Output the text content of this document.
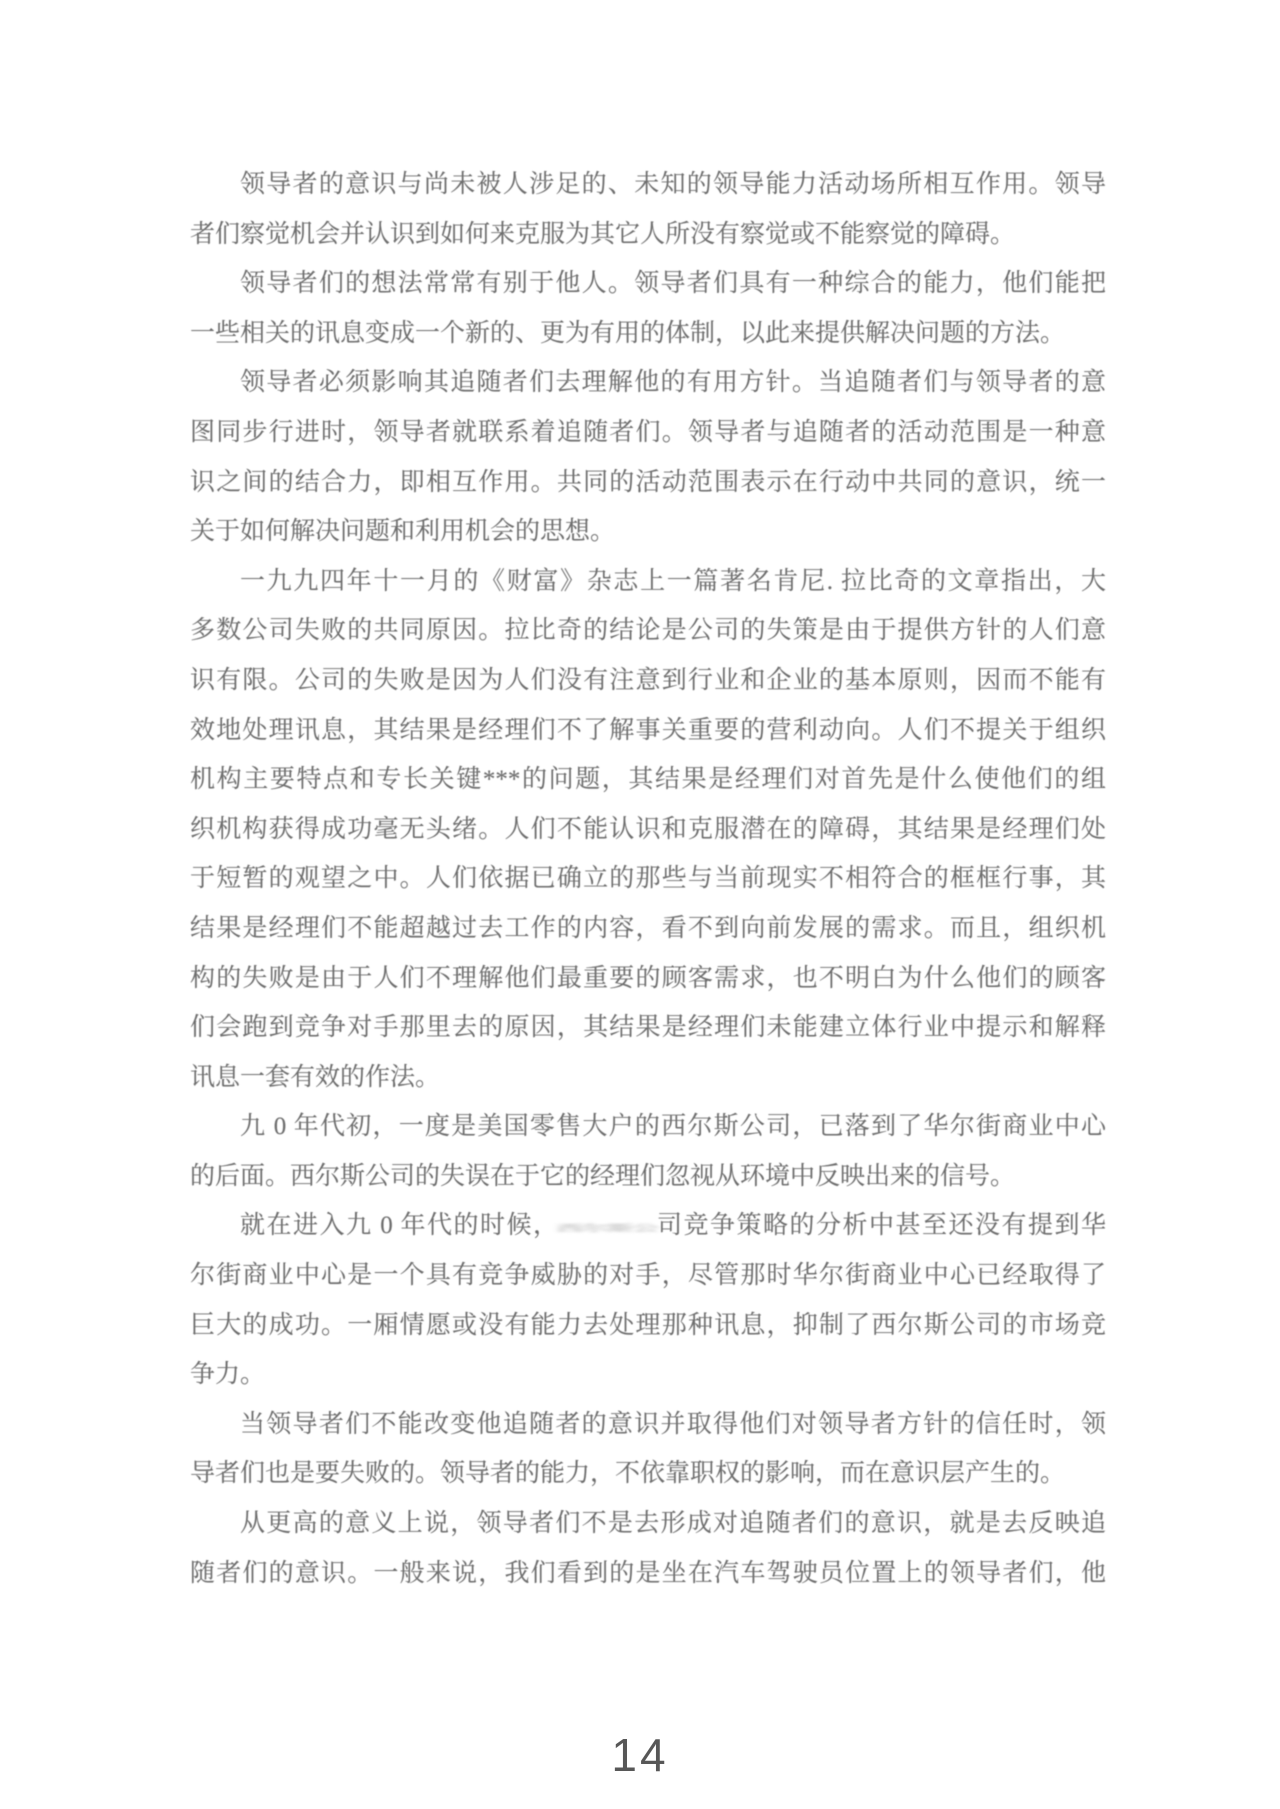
领导者的意识与尚未被人涉足的、未知的领导能力活动场所相互作用。领导
者们察觉机会并认识到如何来克服为其它人所没有察觉或不能察觉的障碍。
领导者们的想法常常有别于他人。领导者们具有一种综合的能力，他们能把
一些相关的讯息变成一个新的、更为有用的体制，以此来提供解决问题的方法。
领导者必须影响其追随者们去理解他的有用方针。当追随者们与领导者的意
图同步行进时，领导者就联系着追随者们。领导者与追随者的活动范围是一种意
识之间的结合力，即相互作用。共同的活动范围表示在行动中共同的意识，统一
关于如何解决问题和利用机会的思想。
一九九四年十一月的《财富》杂志上一篇著名肯尼. 拉比奇的文章指出，大
多数公司失败的共同原因。拉比奇的结论是公司的失策是由于提供方针的人们意
识有限。公司的失败是因为人们没有注意到行业和企业的基本原则，因而不能有
效地处理讯息，其结果是经理们不了解事关重要的营利动向。人们不提关于组织
机构主要特点和专长关键***的问题，其结果是经理们对首先是什么使他们的组
织机构获得成功毫无头绪。人们不能认识和克服潜在的障碍，其结果是经理们处
于短暂的观望之中。人们依据已确立的那些与当前现实不相符合的框框行事，其
结果是经理们不能超越过去工作的内容，看不到向前发展的需求。而且，组织机
构的失败是由于人们不理解他们最重要的顾客需求，也不明白为什么他们的顾客
们会跑到竞争对手那里去的原因，其结果是经理们未能建立体行业中提示和解释
讯息一套有效的作法。
九 0 年代初，一度是美国零售大户的西尔斯公司，已落到了华尔街商业中心
的后面。西尔斯公司的失误在于它的经理们忽视从环境中反映出来的信号。
就在进入九 0 年代的时候，西尔斯公司竞争策略的分析中甚至还没有提到华
尔街商业中心是一个具有竞争威胁的对手，尽管那时华尔街商业中心已经取得了
巨大的成功。一厢情愿或没有能力去处理那种讯息，抑制了西尔斯公司的市场竞
争力。
当领导者们不能改变他追随者的意识并取得他们对领导者方针的信任时，领
导者们也是要失败的。领导者的能力，不依靠职权的影响，而在意识层产生的。
从更高的意义上说，领导者们不是去形成对追随者们的意识，就是去反映追
随者们的意识。一般来说，我们看到的是坐在汽车驾驶员位置上的领导者们，他
14
